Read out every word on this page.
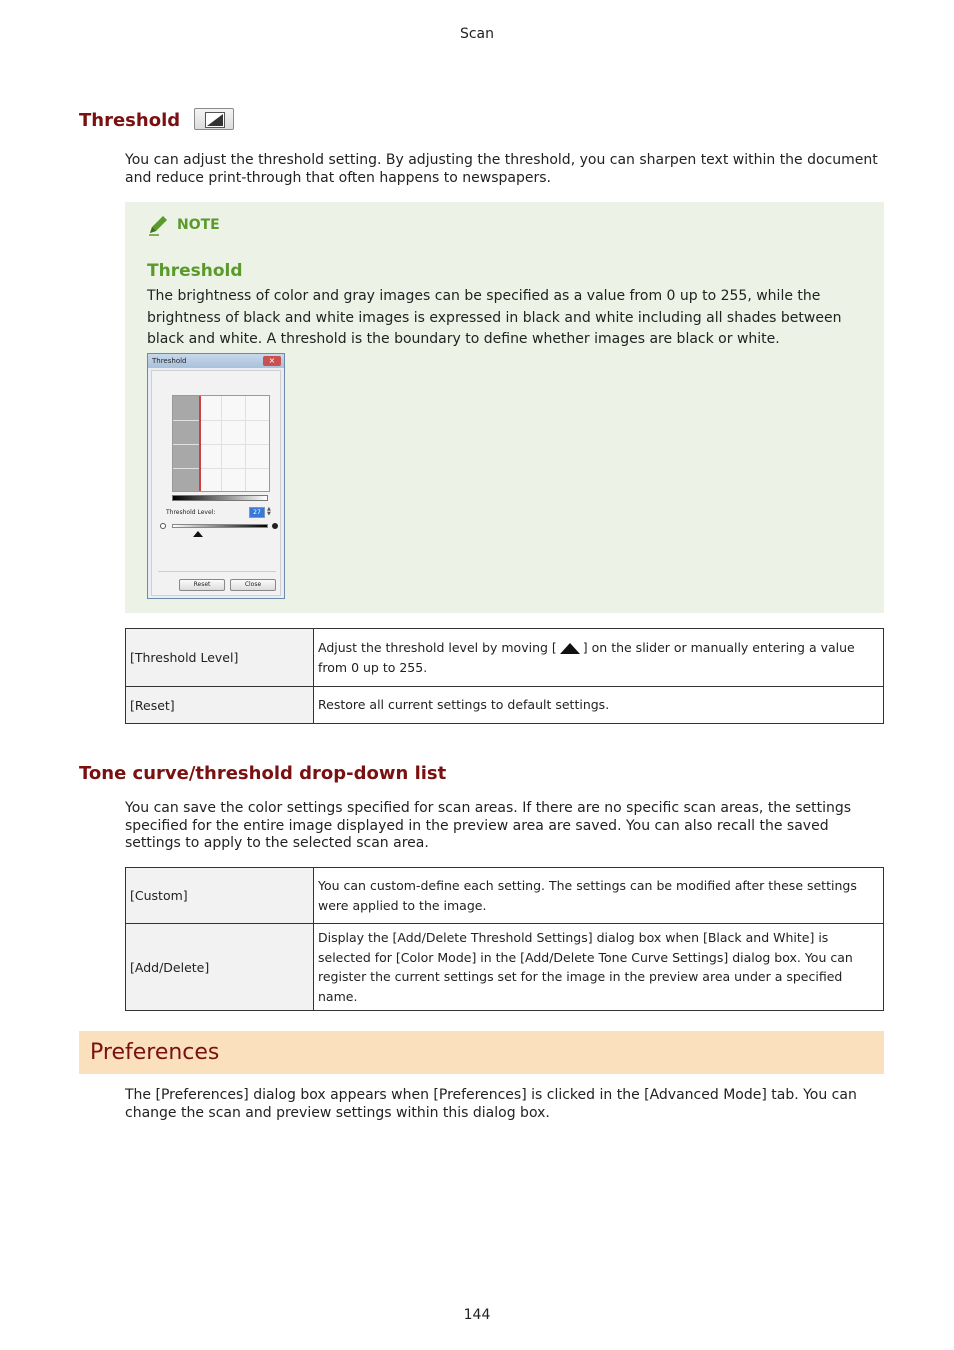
Scan
Threshold
You can adjust the threshold setting. By adjusting the threshold, you can sharpen text within the document and reduce print-through that often happens to newspapers.
NOTE
Threshold
The brightness of color and gray images can be specified as a value from 0 up to 255, while the brightness of black and white images is expressed in black and white including all shades between black and white. A threshold is the boundary to define whether images are black or white.
Threshold	×
Threshold Level:	27	▲
▼
Reset	Close
[Threshold Level]	Adjust the threshold level by moving [ ] on the slider or manually entering a value from 0 up to 255.
[Reset]	Restore all current settings to default settings.
Tone curve/threshold drop-down list
You can save the color settings specified for scan areas. If there are no specific scan areas, the settings specified for the entire image displayed in the preview area are saved. You can also recall the saved settings to apply to the selected scan area.
[Custom]	You can custom-define each setting. The settings can be modified after these settings were applied to the image.
[Add/Delete]	Display the [Add/Delete Threshold Settings] dialog box when [Black and White] is selected for [Color Mode] in the [Add/Delete Tone Curve Settings] dialog box. You can register the current settings set for the image in the preview area under a specified name.
Preferences
The [Preferences] dialog box appears when [Preferences] is clicked in the [Advanced Mode] tab. You can change the scan and preview settings within this dialog box.
144
